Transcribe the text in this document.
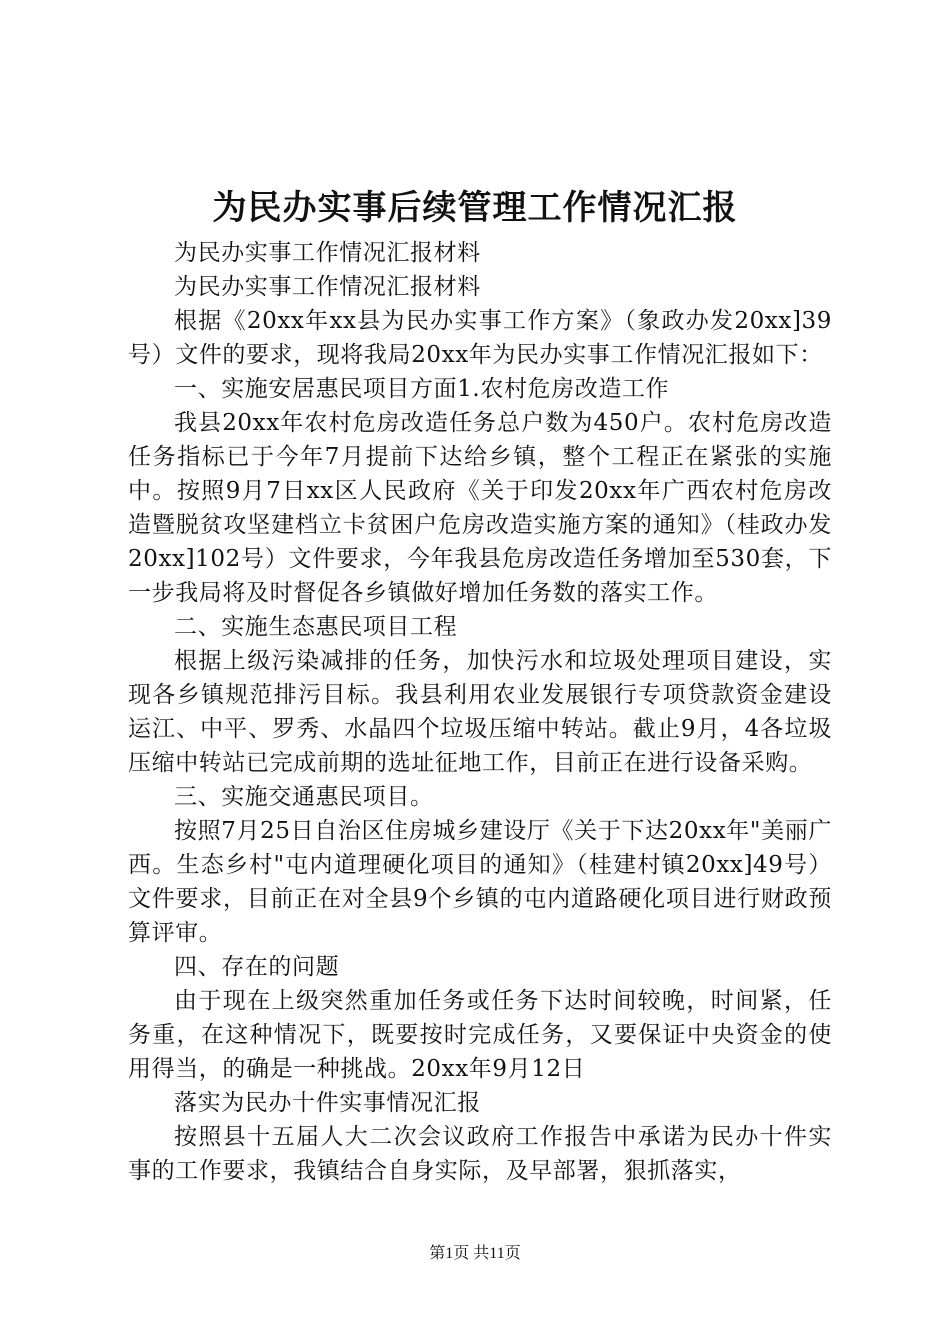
为民办实事后续管理工作情况汇报

为民办实事工作情况汇报材料

为民办实事工作情况汇报材料

根据《20xx年xx县为民办实事工作方案》（象政办发20xx]39号）文件的要求，现将我局20xx年为民办实事工作情况汇报如下：

一、实施安居惠民项目方面1.农村危房改造工作

我县20xx年农村危房改造任务总户数为450户。农村危房改造任务指标已于今年7月提前下达给乡镇，整个工程正在紧张的实施中。按照9月7日xx区人民政府《关于印发20xx年广西农村危房改造暨脱贫攻坚建档立卡贫困户危房改造实施方案的通知》（桂政办发20xx]102号）文件要求，今年我县危房改造任务增加至530套，下一步我局将及时督促各乡镇做好增加任务数的落实工作。

二、实施生态惠民项目工程

根据上级污染减排的任务，加快污水和垃圾处理项目建设，实现各乡镇规范排污目标。我县利用农业发展银行专项贷款资金建设运江、中平、罗秀、水晶四个垃圾压缩中转站。截止9月，4各垃圾压缩中转站已完成前期的选址征地工作，目前正在进行设备采购。

三、实施交通惠民项目。

按照7月25日自治区住房城乡建设厅《关于下达20xx年"美丽广西。生态乡村"屯内道理硬化项目的通知》（桂建村镇20xx]49号）文件要求，目前正在对全县9个乡镇的屯内道路硬化项目进行财政预算评审。

四、存在的问题

由于现在上级突然重加任务或任务下达时间较晚，时间紧，任务重，在这种情况下，既要按时完成任务，又要保证中央资金的使用得当，的确是一种挑战。20xx年9月12日

落实为民办十件实事情况汇报

按照县十五届人大二次会议政府工作报告中承诺为民办十件实事的工作要求，我镇结合自身实际，及早部署，狠抓落实，

第1页 共11页
